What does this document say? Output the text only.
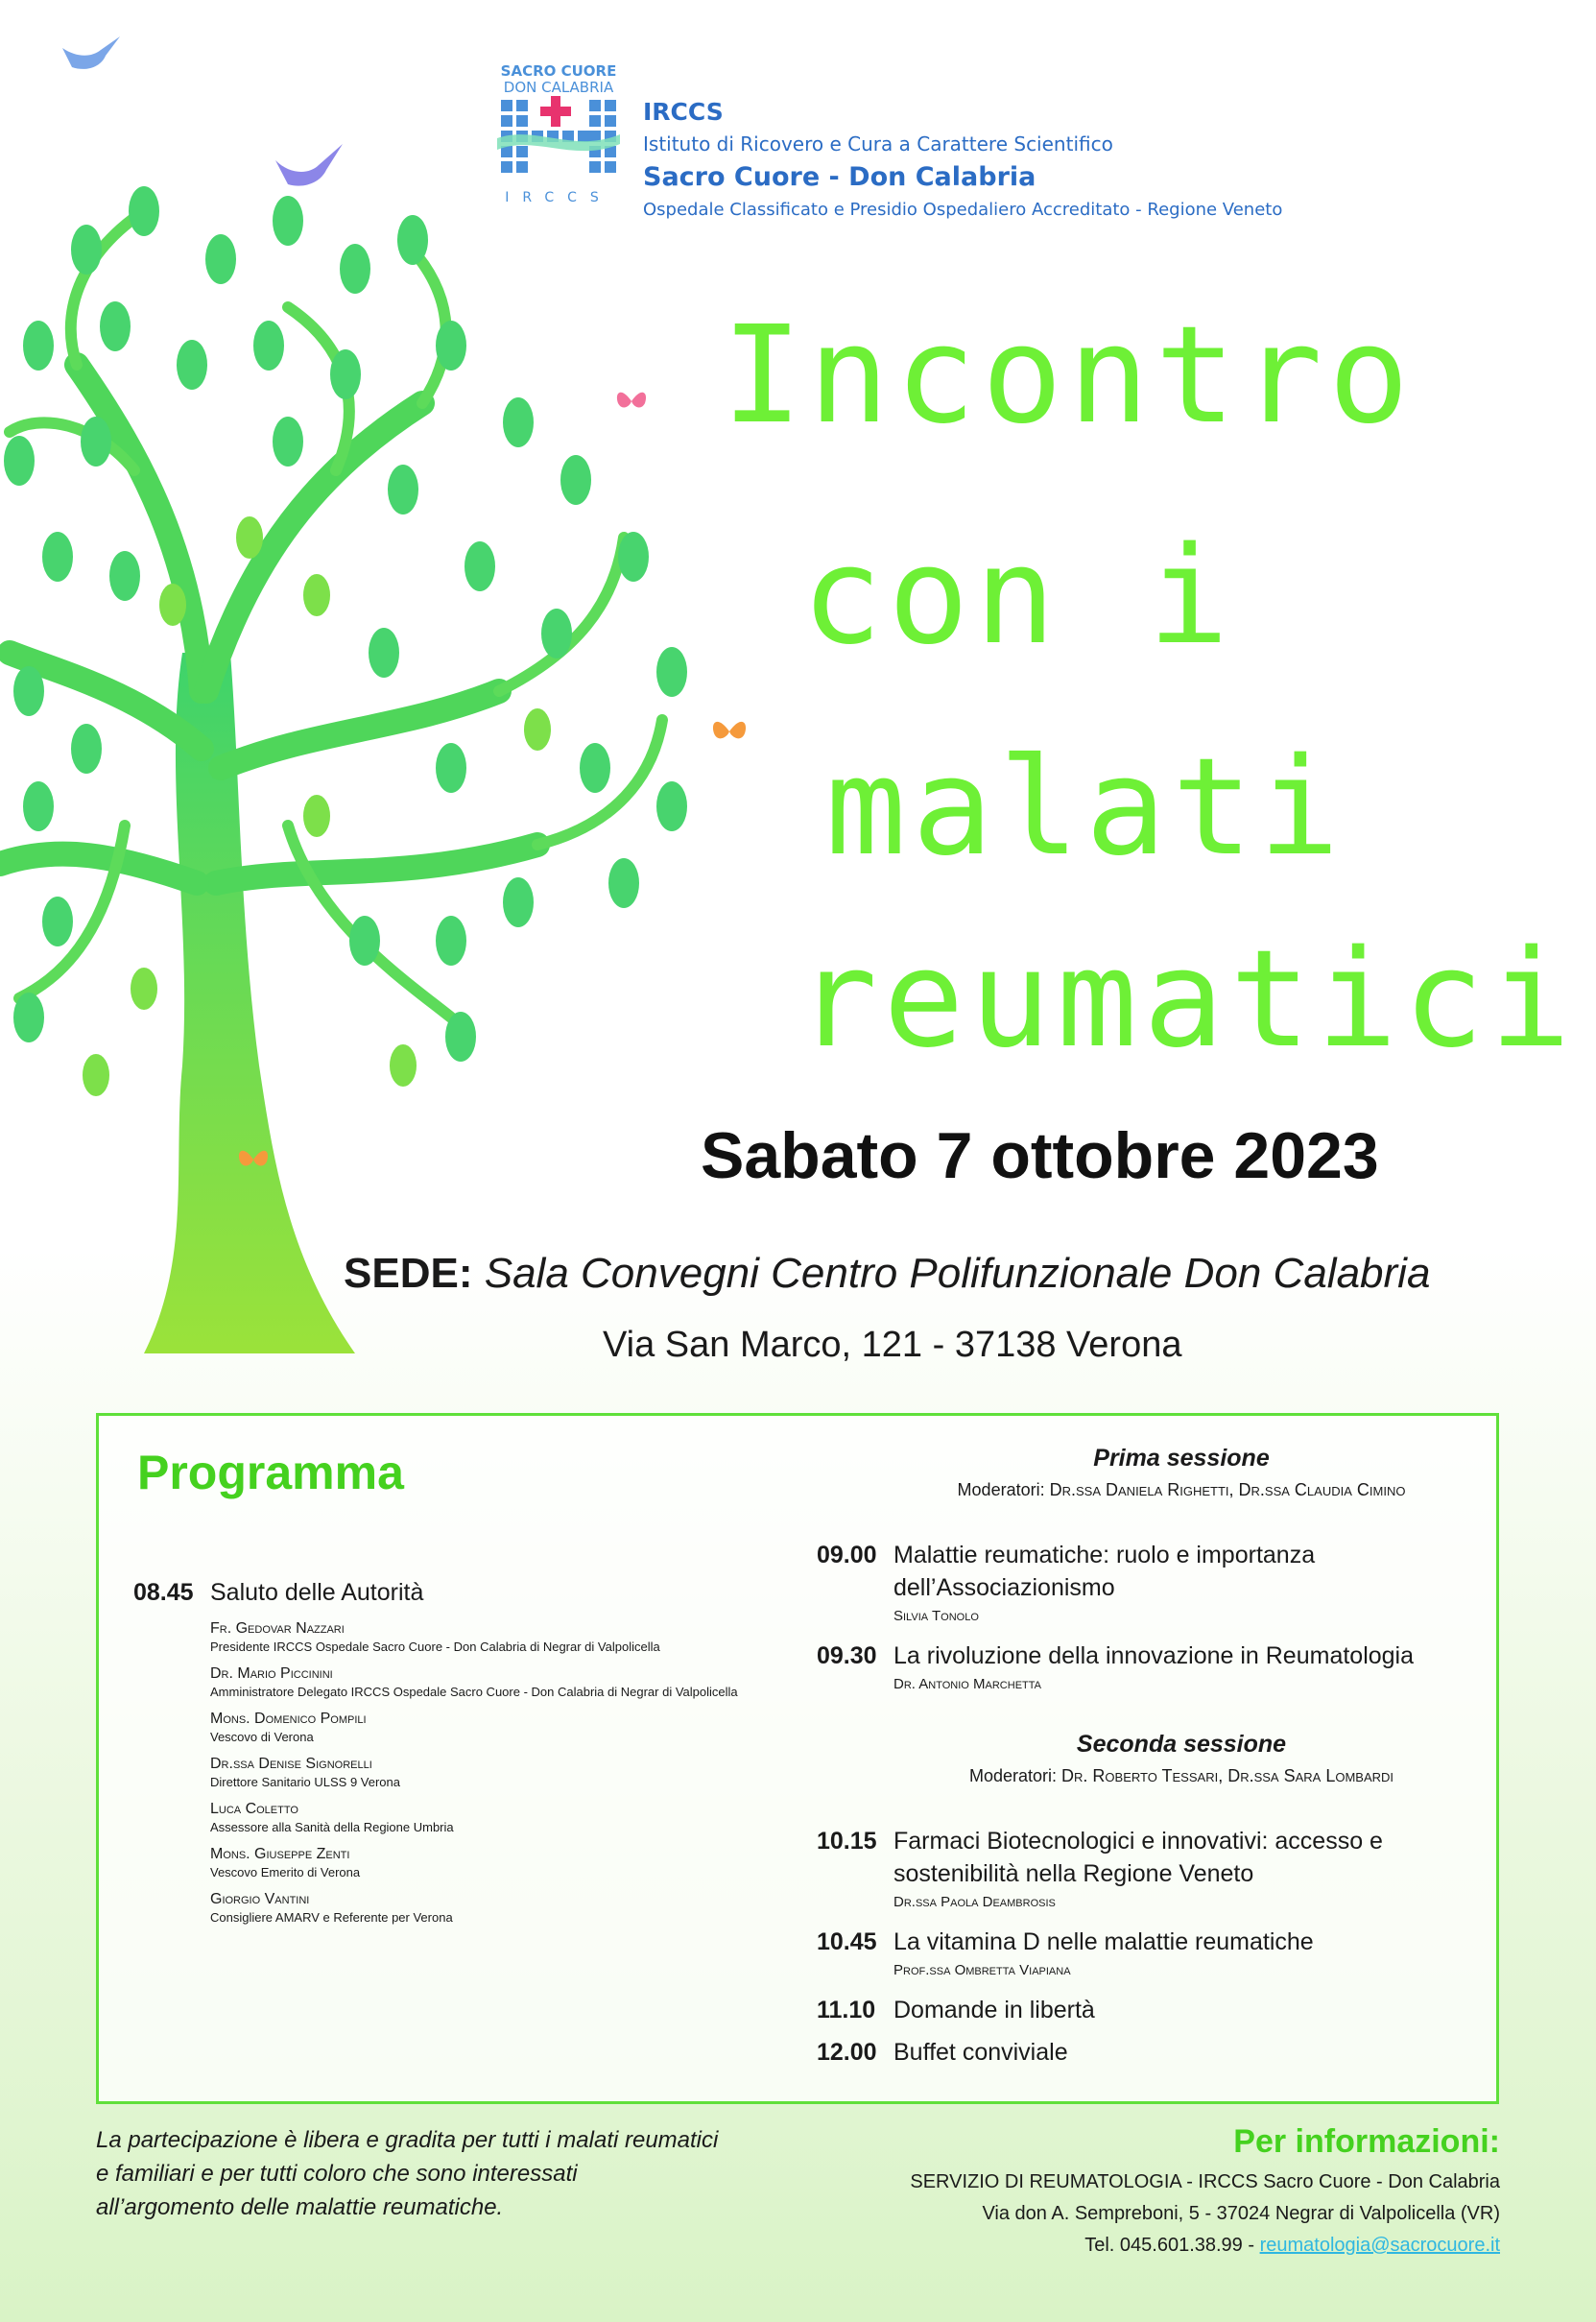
SACRO CUORE
DON CALABRIA
IRCCS
IRCCS
Istituto di Ricovero e Cura a Carattere Scientifico
Sacro Cuore - Don Calabria
Ospedale Classificato e Presidio Ospedaliero Accreditato - Regione Veneto
Incontro
con i
malati
reumatici
Sabato 7 ottobre 2023
SEDE: Sala Convegni Centro Polifunzionale Don Calabria
Via San Marco, 121 - 37138 Verona
Programma
08.45 Saluto delle Autorità
Fr. Gedovar Nazzari
Presidente IRCCS Ospedale Sacro Cuore - Don Calabria di Negrar di Valpolicella
Dr. Mario Piccinini
Amministratore Delegato IRCCS Ospedale Sacro Cuore - Don Calabria di Negrar di Valpolicella
Mons. Domenico Pompili
Vescovo di Verona
Dr.ssa Denise Signorelli
Direttore Sanitario ULSS 9 Verona
Luca Coletto
Assessore alla Sanità della Regione Umbria
Mons. Giuseppe Zenti
Vescovo Emerito di Verona
Giorgio Vantini
Consigliere AMARV e Referente per Verona
Prima sessione
Moderatori: Dr.ssa Daniela Righetti, Dr.ssa Claudia Cimino
09.00 Malattie reumatiche: ruolo e importanza dell’Associazionismo
Silvia Tonolo
09.30 La rivoluzione della innovazione in Reumatologia
Dr. Antonio Marchetta
Seconda sessione
Moderatori: Dr. Roberto Tessari, Dr.ssa Sara Lombardi
10.15 Farmaci Biotecnologici e innovativi: accesso e sostenibilità nella Regione Veneto
Dr.ssa Paola Deambrosis
10.45 La vitamina D nelle malattie reumatiche
Prof.ssa Ombretta Viapiana
11.10 Domande in libertà
12.00 Buffet conviviale
La partecipazione è libera e gradita per tutti i malati reumatici
e familiari e per tutti coloro che sono interessati
all’argomento delle malattie reumatiche.
Per informazioni:
SERVIZIO DI REUMATOLOGIA - IRCCS Sacro Cuore - Don Calabria
Via don A. Sempreboni, 5 - 37024 Negrar di Valpolicella (VR)
Tel. 045.601.38.99 - reumatologia@sacrocuore.it
